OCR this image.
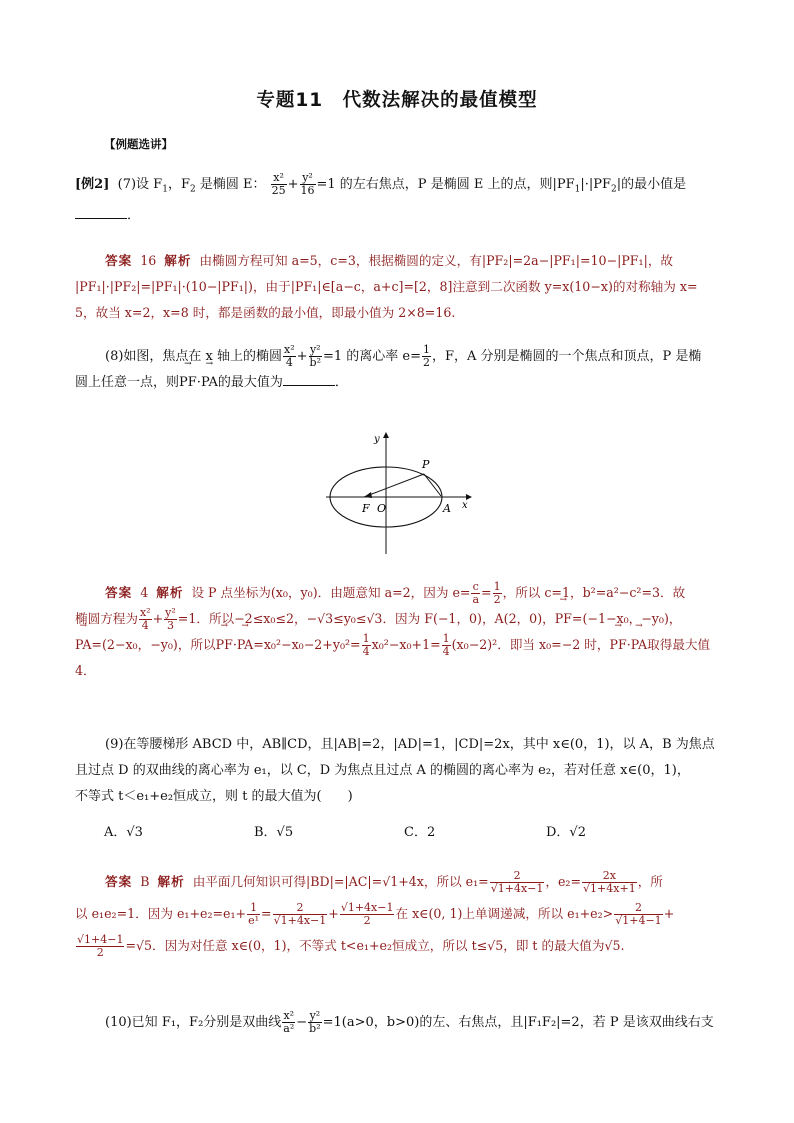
专题11　代数法解决的最值模型
【例题选讲】
[例2] (7)设 $F_1$，$F_2$ 是椭圆 E： $\frac{\text{x²}}{25} + \frac{\text{y²}}{16} =1$ 的左右焦点，P 是椭圆 E 上的点，则$|PF_1|\cdot|PF_2|$的最小值是
．
答案 16 解析 由椭圆方程可知 a=5，c=3，根据椭圆的定义，有|PF₂|=2a−|PF₁|=10−|PF₁|，故
|PF₁|·|PF₂|=|PF₁|·(10−|PF₁|)，由于|PF₁|∈[a−c，a+c]=[2，8]注意到二次函数 y=x(10−x)的对称轴为 x=
5，故当 x=2，x=8 时，都是函数的最小值，即最小值为 2×8=16.
(8)如图，焦点在 x 轴上的椭圆 $\frac{\text{x²}}{4} + \frac{\text{y²}}{\text{b²}} =1$ 的离心率 $e= \frac{1}{2}$ ，F，A 分别是椭圆的一个焦点和顶点，P 是椭
圆上任意一点，则→ PF·→ PA的最大值为	．
y
x
P
F O	A
答案 4 解析 设 P 点坐标为(x₀，y₀)．由题意知 a=2，因为 $e= \frac{c}{a} = \frac{1}{2}$ ，所以 c=1，b²=a²−c²=3．故
椭圆方程为 $\frac{\text{x²}}{4} + \frac{\text{y²}}{3} =1$．所以−2≤x₀≤2，−√3≤y₀≤√3．因为 F(−1，0)，A(2，0)，→ PF=(−1−x₀，−y₀)，
→ PA=(2−x₀，−y₀)，所以→ $PF\cdot\to PA=x_0^2-x_0-2+y_0^2= \frac{1}{4} x_0^2-x_0+1= \frac{1}{4} (x_0-2)^2$．即当 x₀=−2 时，→ PF·→ PA取得最大值
4．
(9)在等腰梯形 ABCD 中，AB∥CD，且|AB|=2，|AD|=1，|CD|=2x，其中 x∈(0，1)，以 A，B 为焦点
且过点 D 的双曲线的离心率为 e₁，以 C，D 为焦点且过点 A 的椭圆的离心率为 e₂，若对任意 x∈(0，1)，
不等式 t＜e₁+e₂恒成立，则 t 的最大值为(　　)
A．√3	B．√5	C．2	D．√2
答案 B 解析 由平面几何知识可得|BD|=|AC|=√1+4x，所以 $e_1= \frac{2}{√1+4x-1}$ ，$e_2= \frac{2x}{√1+4x+1}$ ，所
以 e₁e₂=1．因为 $e_1+e_2=e_1+ \frac{1}{\text{e¹}} = \frac{2}{√1+4x-1} + \frac{√1+4x-1}{2}$ 在 x∈(0, 1)上单调递减，所以 $e_1+e_2> \frac{2}{√1+4-1}$ +

$\frac{√1+4-1}{2} =√5$．因为对任意 x∈(0，1)，不等式 t<e₁+e₂恒成立，所以 t≤√5，即 t 的最大值为√5.
(10)已知 F₁，F₂分别是双曲线 $\frac{\text{x²}}{\text{a²}} - \frac{\text{y²}}{\text{b²}} =1(a>0$，b>0)的左、右焦点，且|F₁F₂|=2，若 P 是该双曲线右支
